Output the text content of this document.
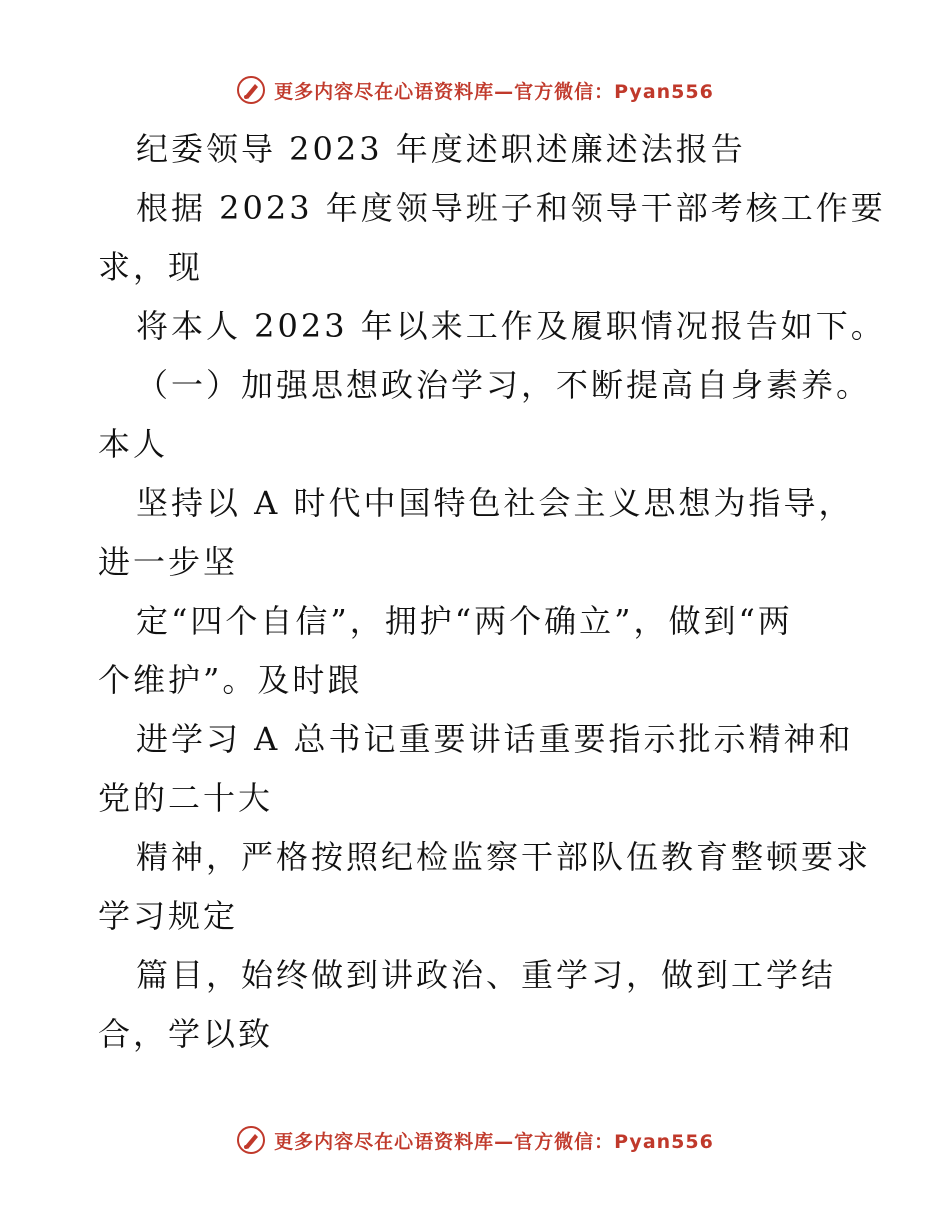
更多内容尽在心语资料库—官方微信：Pyan556
纪委领导 2023 年度述职述廉述法报告
根据 2023 年度领导班子和领导干部考核工作要
求，现
将本人 2023 年以来工作及履职情况报告如下。
（一）加强思想政治学习，不断提高自身素养。
本人
坚持以 A 时代中国特色社会主义思想为指导，
进一步坚
定“四个自信”，拥护“两个确立”，做到“两
个维护”。及时跟
进学习 A 总书记重要讲话重要指示批示精神和
党的二十大
精神，严格按照纪检监察干部队伍教育整顿要求
学习规定
篇目，始终做到讲政治、重学习，做到工学结
合，学以致
更多内容尽在心语资料库—官方微信：Pyan556
